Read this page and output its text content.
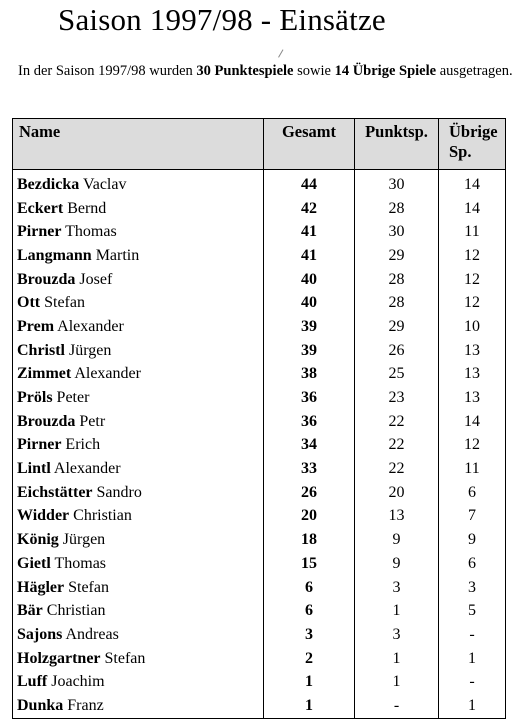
Saison 1997/98 - Einsätze
In der Saison 1997/98 wurden 30 Punktespiele sowie 14 Übrige Spiele ausgetragen.
Name	Gesamt	Punktsp.	Übrige
Sp.
Bezdicka Vaclav	44	30	14
Eckert Bernd	42	28	14
Pirner Thomas	41	30	11
Langmann Martin	41	29	12
Brouzda Josef	40	28	12
Ott Stefan	40	28	12
Prem Alexander	39	29	10
Christl Jürgen	39	26	13
Zimmet Alexander	38	25	13
Pröls Peter	36	23	13
Brouzda Petr	36	22	14
Pirner Erich	34	22	12
Lintl Alexander	33	22	11
Eichstätter Sandro	26	20	6
Widder Christian	20	13	7
König Jürgen	18	9	9
Gietl Thomas	15	9	6
Hägler Stefan	6	3	3
Bär Christian	6	1	5
Sajons Andreas	3	3	-
Holzgartner Stefan	2	1	1
Luff Joachim	1	1	-
Dunka Franz	1	-	1
